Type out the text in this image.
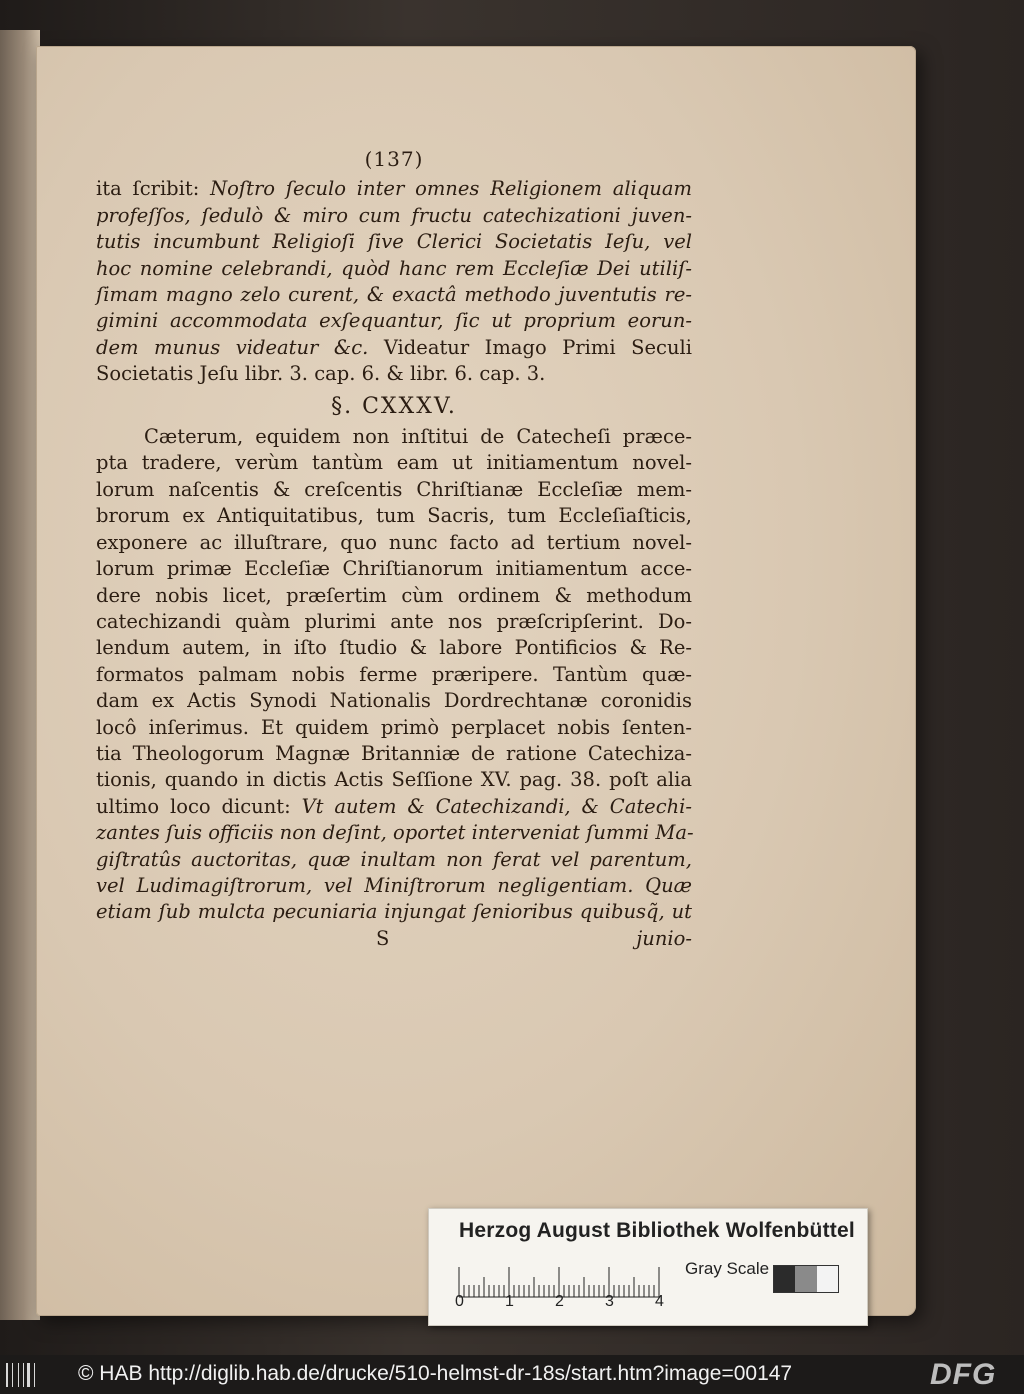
(137)
ita ſcribit: Noſtro ſeculo inter omnes Religionem aliquam
profeſſos, ſedulò & miro cum fructu catechizationi juven-
tutis incumbunt Religioſi ſive Clerici Societatis Ieſu, vel
hoc nomine celebrandi, quòd hanc rem Eccleſiæ Dei utiliſ-
ſimam magno zelo curent, & exactâ methodo juventutis re-
gimini accommodata exſequantur, ſic ut proprium eorun-
dem munus videatur &c. Videatur Imago Primi Seculi
Societatis Jeſu libr. 3. cap. 6. & libr. 6. cap. 3.
§. CXXXV.
Cæterum, equidem non inſtitui de Catecheſi præce-
pta tradere, verùm tantùm eam ut initiamentum novel-
lorum naſcentis & creſcentis Chriſtianæ Eccleſiæ mem-
brorum ex Antiquitatibus, tum Sacris, tum Eccleſiaſticis,
exponere ac illuſtrare, quo nunc facto ad tertium novel-
lorum primæ Eccleſiæ Chriſtianorum initiamentum acce-
dere nobis licet, præſertim cùm ordinem & methodum
catechizandi quàm plurimi ante nos præſcripſerint. Do-
lendum autem, in iſto ſtudio & labore Pontificios & Re-
formatos palmam nobis ferme præripere. Tantùm quæ-
dam ex Actis Synodi Nationalis Dordrechtanæ coronidis
locô inſerimus. Et quidem primò perplacet nobis ſenten-
tia Theologorum Magnæ Britanniæ de ratione Catechiza-
tionis, quando in dictis Actis Seſſione XV. pag. 38. poſt alia
ultimo loco dicunt: Vt autem & Catechizandi, & Catechi-
zantes ſuis officiis non deſint, oportet interveniat ſummi Ma-
giſtratûs auctoritas, quæ inultam non ferat vel parentum,
vel Ludimagiſtrorum, vel Miniſtrorum negligentiam. Quæ
etiam ſub mulcta pecuniaria injungat ſenioribus quibusq̃, ut
S	junio-
Herzog August Bibliothek Wolfenbüttel
0	1	2	3	4
Gray Scale
© HAB http://diglib.hab.de/drucke/510-helmst-dr-18s/start.htm?image=00147	DFG
